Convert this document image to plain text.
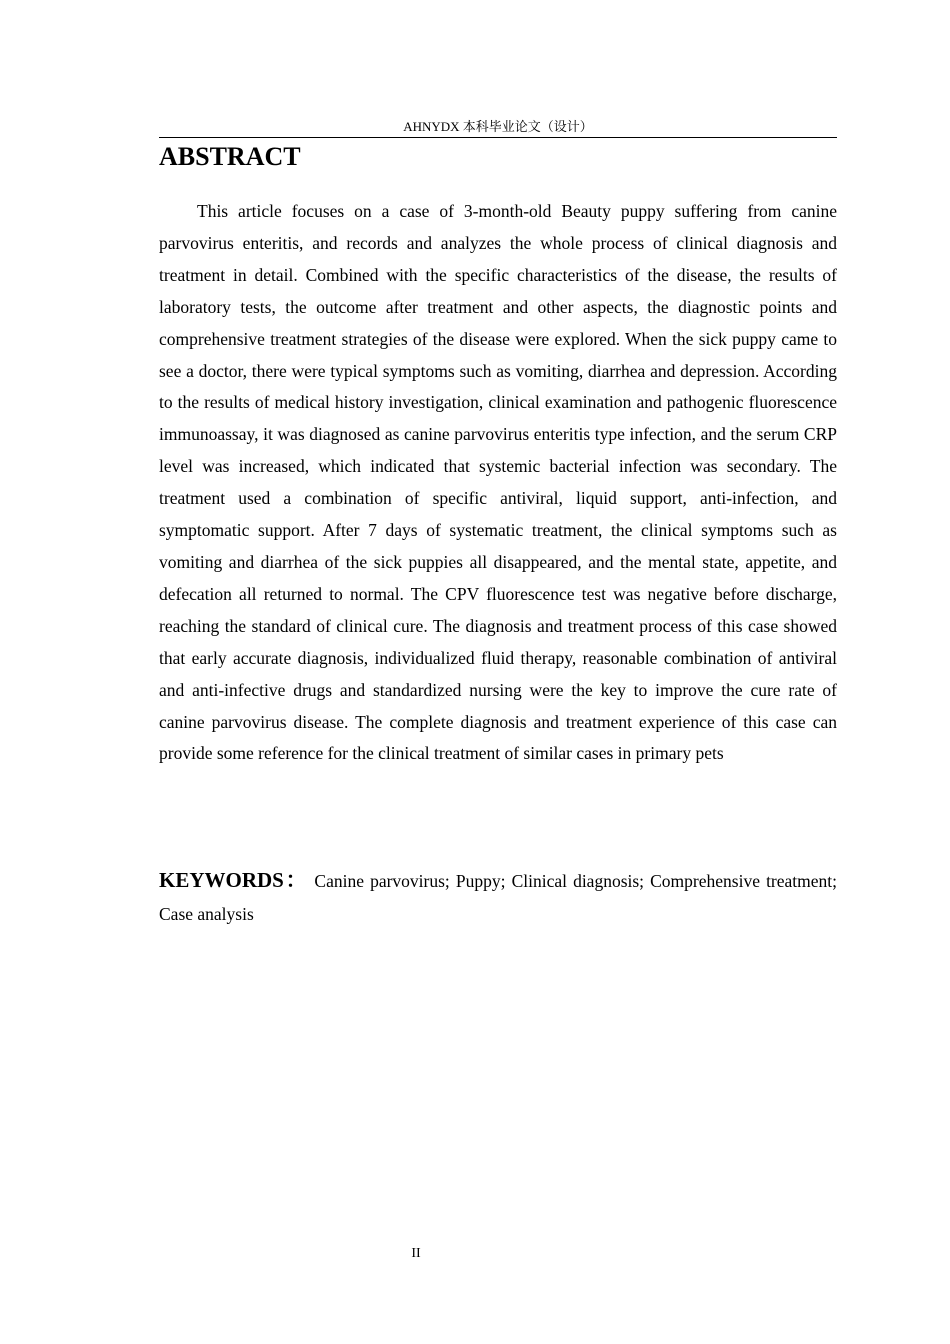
AHNYDX 本科毕业论文（设计）
ABSTRACT

This article focuses on a case of 3-month-old Beauty puppy suffering from canine parvovirus enteritis, and records and analyzes the whole process of clinical diagnosis and treatment in detail. Combined with the specific characteristics of the disease, the results of laboratory tests, the outcome after treatment and other aspects, the diagnostic points and comprehensive treatment strategies of the disease were explored. When the sick puppy came to see a doctor, there were typical symptoms such as vomiting, diarrhea and depression. According to the results of medical history investigation, clinical examination and pathogenic fluorescence immunoassay, it was diagnosed as canine parvovirus enteritis type infection, and the serum CRP level was increased, which indicated that systemic bacterial infection was secondary. The treatment used a combination of specific antiviral, liquid support, anti-infection, and symptomatic support. After 7 days of systematic treatment, the clinical symptoms such as vomiting and diarrhea of the sick puppies all disappeared, and the mental state, appetite, and defecation all returned to normal. The CPV fluorescence test was negative before discharge, reaching the standard of clinical cure. The diagnosis and treatment process of this case showed that early accurate diagnosis, individualized fluid therapy, reasonable combination of antiviral and anti-infective drugs and standardized nursing were the key to improve the cure rate of canine parvovirus disease. The complete diagnosis and treatment experience of this case can provide some reference for the clinical treatment of similar cases in primary pets

KEYWORDS： Canine parvovirus; Puppy; Clinical diagnosis; Comprehensive treatment; Case analysis

II
